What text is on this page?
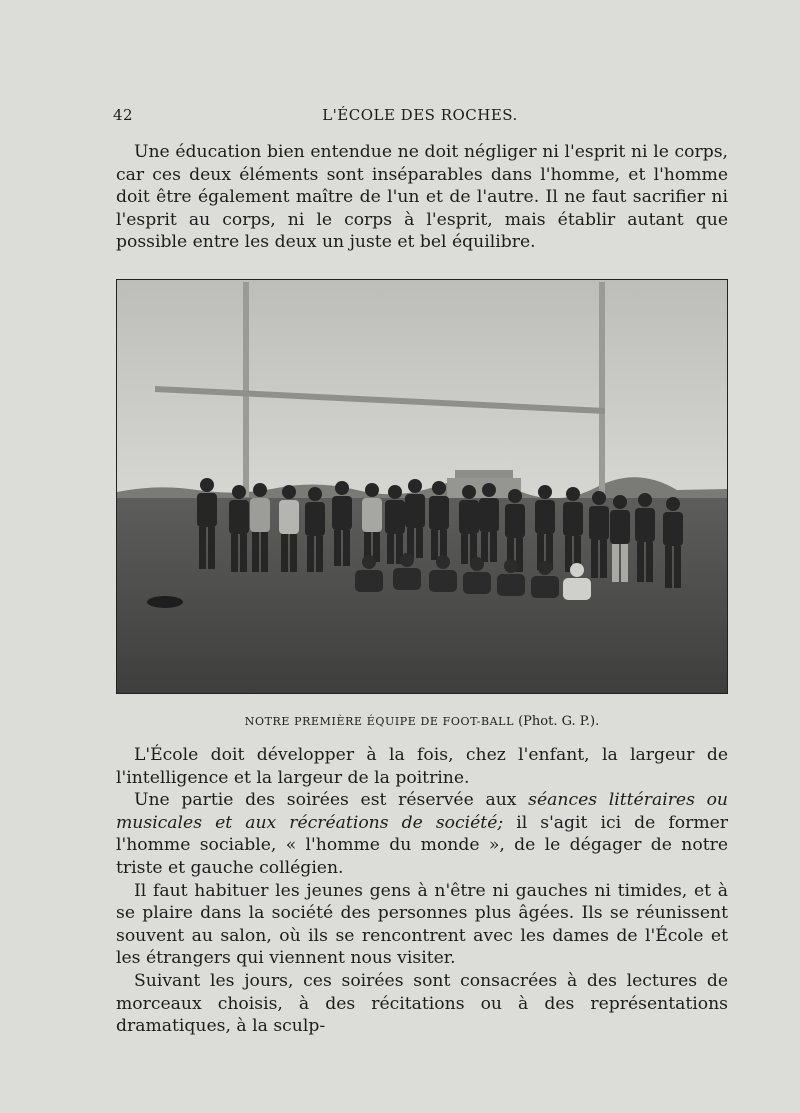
42	L'ÉCOLE DES ROCHES.

Une éducation bien entendue ne doit négliger ni l'esprit ni le corps, car ces deux éléments sont inséparables dans l'homme, et l'homme doit être également maître de l'un et de l'autre. Il ne faut sacrifier ni l'esprit au corps, ni le corps à l'esprit, mais établir autant que possible entre les deux un juste et bel équilibre.

NOTRE PREMIÈRE ÉQUIPE DE FOOT-BALL (Phot. G. P.).

L'École doit développer à la fois, chez l'enfant, la largeur de l'intelligence et la largeur de la poitrine.

Une partie des soirées est réservée aux séances littéraires ou musicales et aux récréations de société; il s'agit ici de former l'homme sociable, « l'homme du monde », de le dégager de notre triste et gauche collégien.

Il faut habituer les jeunes gens à n'être ni gauches ni timides, et à se plaire dans la société des personnes plus âgées. Ils se réunissent souvent au salon, où ils se rencontrent avec les dames de l'École et les étrangers qui viennent nous visiter.

Suivant les jours, ces soirées sont consacrées à des lectures de morceaux choisis, à des récitations ou à des représentations dramatiques, à la sculp-
